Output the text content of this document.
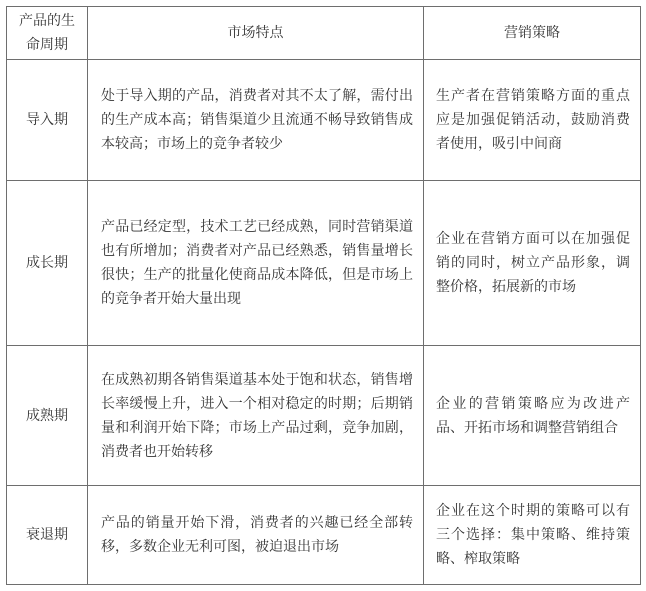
产品的生命周期	市场特点	营销策略
导入期	处于导入期的产品，消费者对其不太了解，需付出的生产成本高；销售渠道少且流通不畅导致销售成本较高；市场上的竞争者较少	生产者在营销策略方面的重点应是加强促销活动，鼓励消费者使用，吸引中间商
成长期	产品已经定型，技术工艺已经成熟，同时营销渠道也有所增加；消费者对产品已经熟悉，销售量增长很快；生产的批量化使商品成本降低，但是市场上的竞争者开始大量出现	企业在营销方面可以在加强促销的同时，树立产品形象，调整价格，拓展新的市场
成熟期	在成熟初期各销售渠道基本处于饱和状态，销售增长率缓慢上升，进入一个相对稳定的时期；后期销量和利润开始下降；市场上产品过剩，竞争加剧，消费者也开始转移	企业的营销策略应为改进产品、开拓市场和调整营销组合
衰退期	产品的销量开始下滑，消费者的兴趣已经全部转移，多数企业无利可图，被迫退出市场	企业在这个时期的策略可以有三个选择：集中策略、维持策略、榨取策略
